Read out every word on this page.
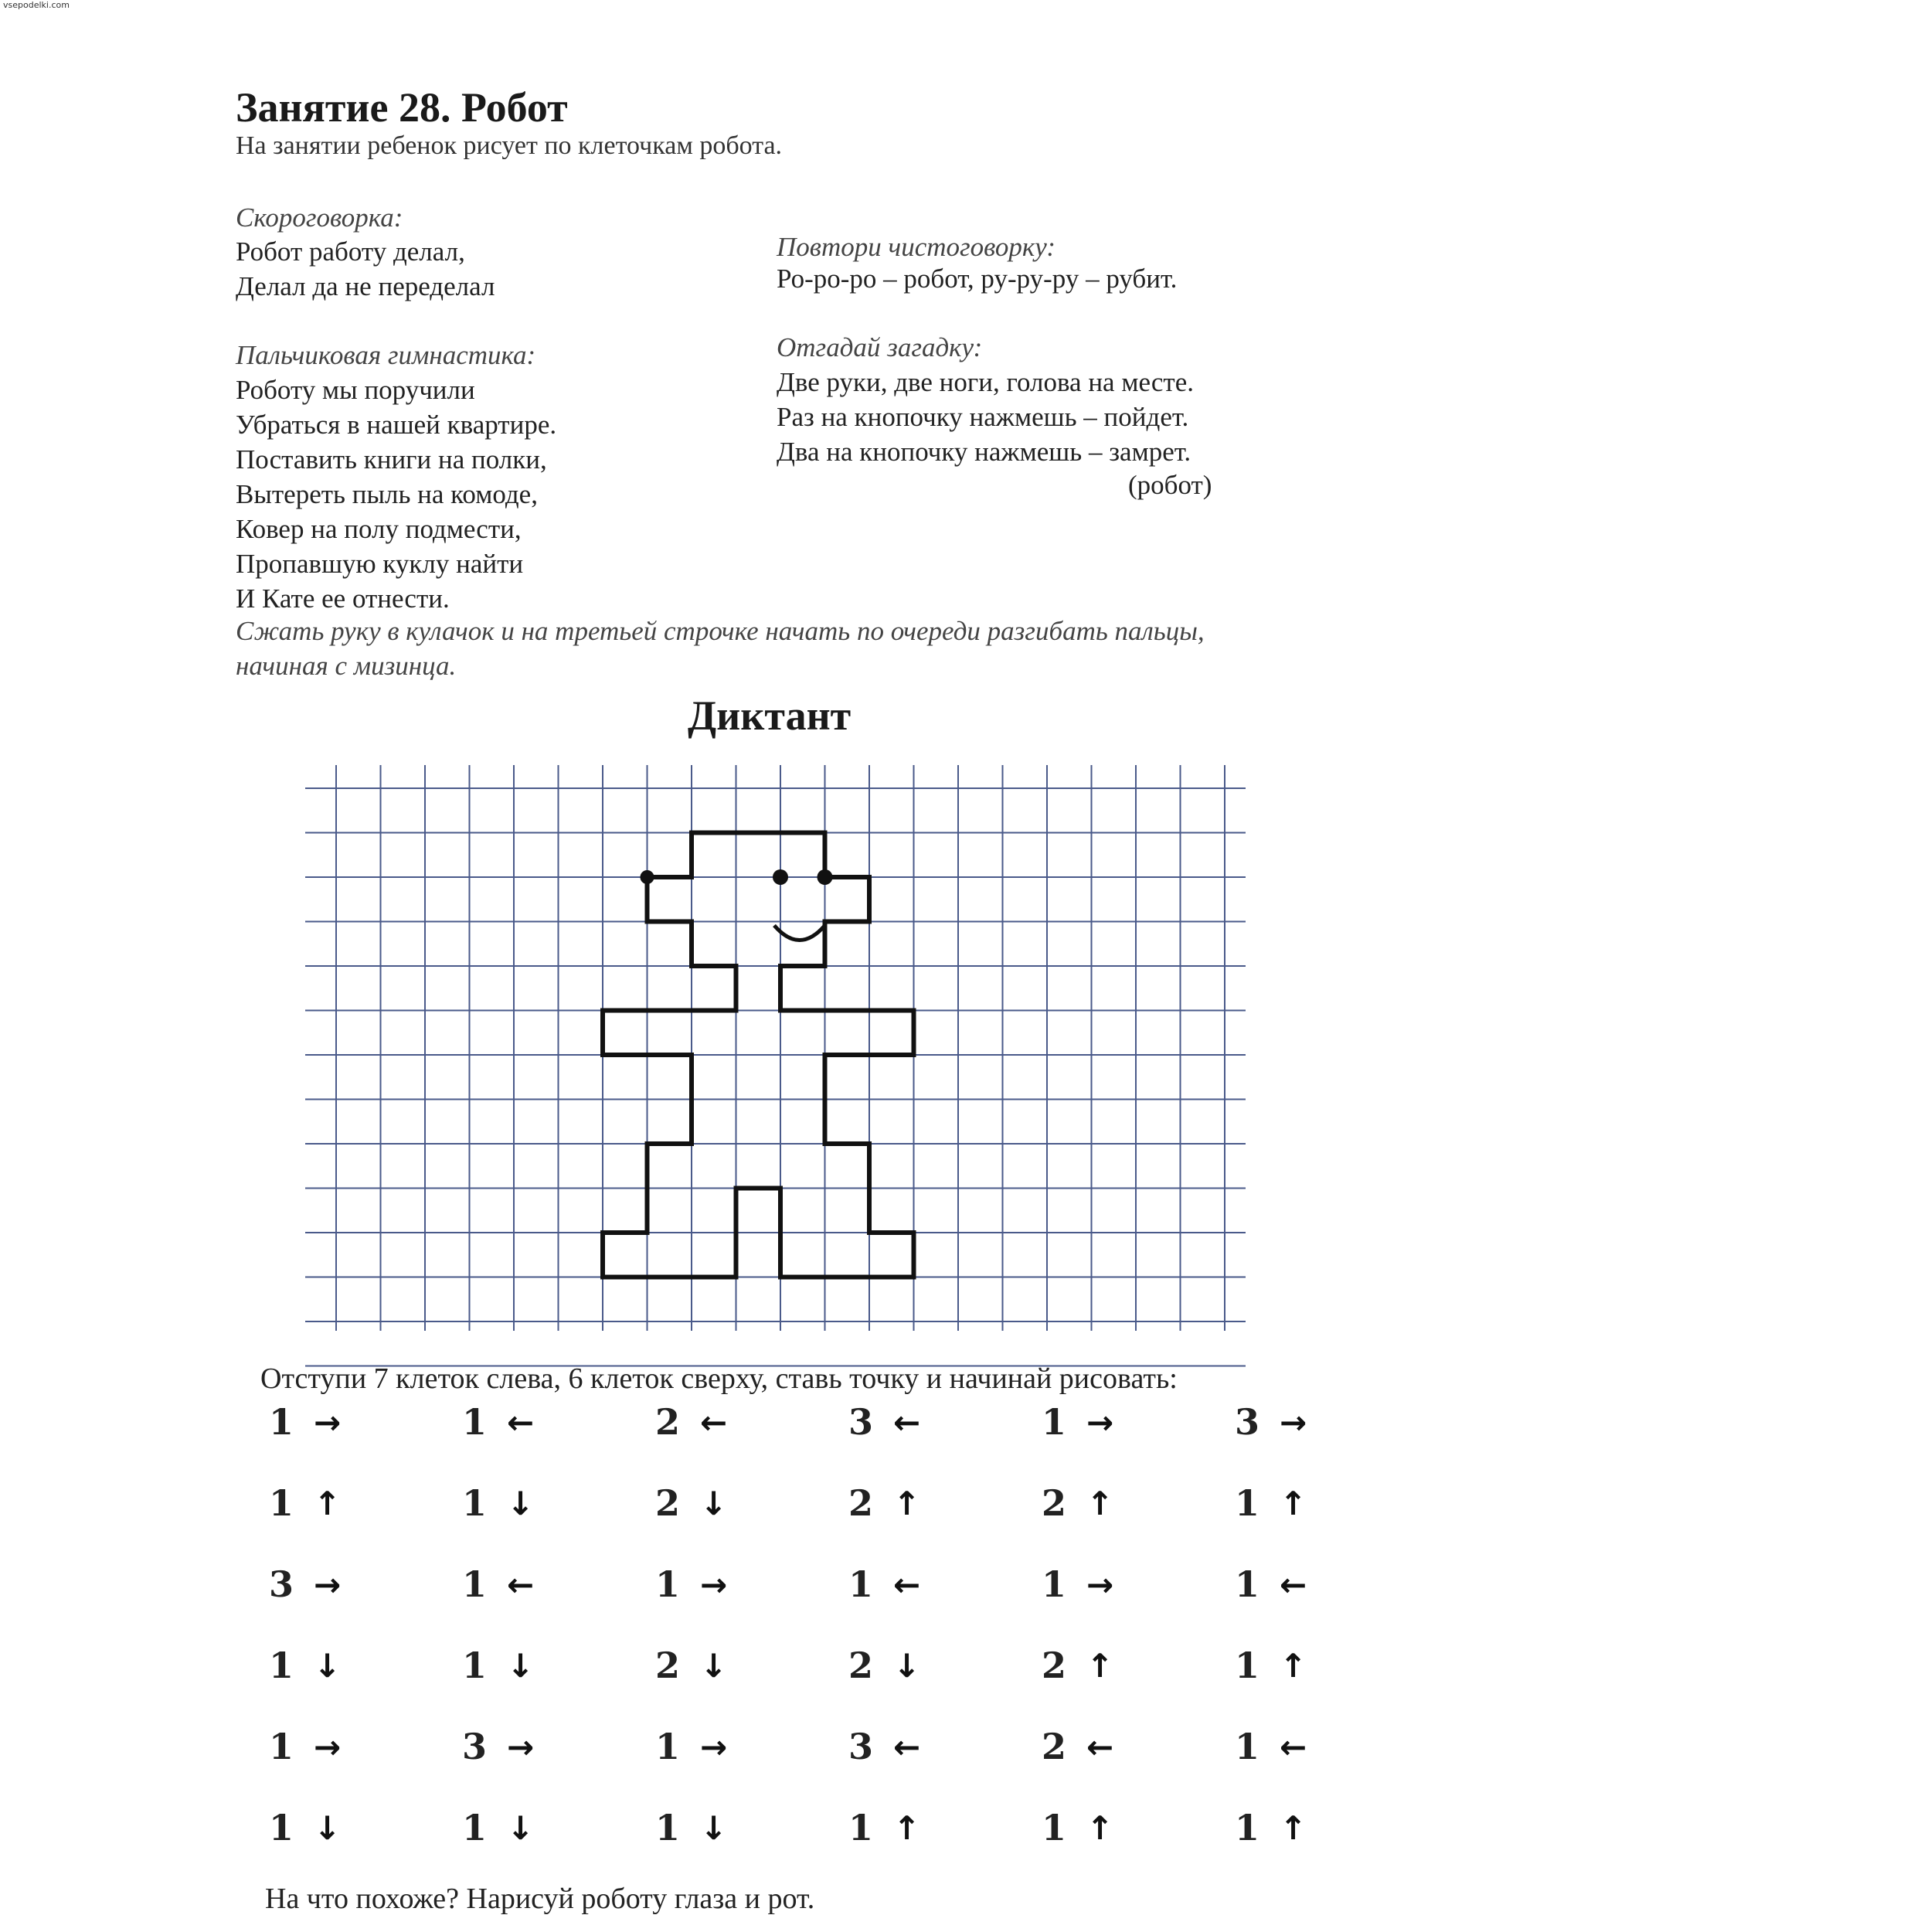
vsepodelki.com
Занятие 28. Робот
На занятии ребенок рисует по клеточкам робота.
Скороговорка:
Робот работу делал,
Делал да не переделал
Повтори чистоговорку:
Ро-ро-ро – робот, ру-ру-ру – рубит.
Пальчиковая гимнастика:
Роботу мы поручили
Убраться в нашей квартире.
Поставить книги на полки,
Вытереть пыль на комоде,
Ковер на полу подмести,
Пропавшую куклу найти
И Кате ее отнести.
Сжать руку в кулачок и на третьей строчке начать по очереди разгибать пальцы,
начиная с мизинца.
Отгадай загадку:
Две руки, две ноги, голова на месте.
Раз на кнопочку нажмешь – пойдет.
Два на кнопочку нажмешь – замрет.
(робот)
Диктант
Отступи 7 клеток слева, 6 клеток сверху, ставь точку и начинай рисовать:
1 →
1 ↑
3 →
1 ↓
1 →
1 ↓
1 ←
1 ↓
1 ←
1 ↓
3 →
1 ↓
2 ←
2 ↓
1 →
2 ↓
1 →
1 ↓
3 ←
2 ↑
1 ←
2 ↓
3 ←
1 ↑
1 →
2 ↑
1 →
2 ↑
2 ←
1 ↑
3 →
1 ↑
1 ←
1 ↑
1 ←
1 ↑
На что похоже? Нарисуй роботу глаза и рот.
